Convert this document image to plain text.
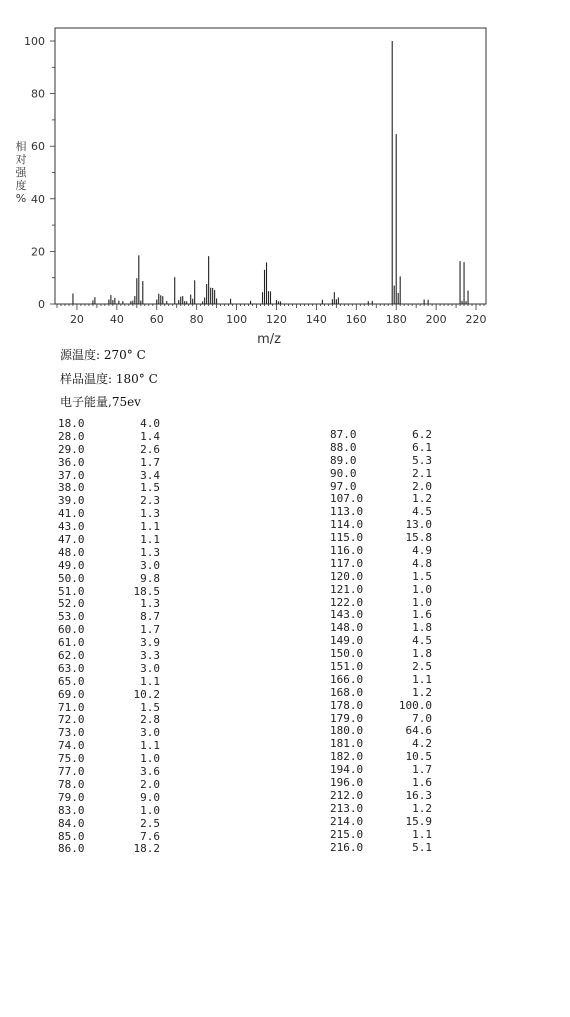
20 40 60 80 100 120 140 160 180 200 220
0
20
40
60
80
100
m/z
相
对
强
度
%
源温度: 270° C
样品温度: 180° C
电子能量,75ev
18.0	4.0
28.0	1.4
29.0	2.6
36.0	1.7
37.0	3.4
38.0	1.5
39.0	2.3
41.0	1.3
43.0	1.1
47.0	1.1
48.0	1.3
49.0	3.0
50.0	9.8
51.0	18.5
52.0	1.3
53.0	8.7
60.0	1.7
61.0	3.9
62.0	3.3
63.0	3.0
65.0	1.1
69.0	10.2
71.0	1.5
72.0	2.8
73.0	3.0
74.0	1.1
75.0	1.0
77.0	3.6
78.0	2.0
79.0	9.0
83.0	1.0
84.0	2.5
85.0	7.6
86.0	18.2
87.0	6.2
88.0	6.1
89.0	5.3
90.0	2.1
97.0	2.0
107.0	1.2
113.0	4.5
114.0	13.0
115.0	15.8
116.0	4.9
117.0	4.8
120.0	1.5
121.0	1.0
122.0	1.0
143.0	1.6
148.0	1.8
149.0	4.5
150.0	1.8
151.0	2.5
166.0	1.1
168.0	1.2
178.0	100.0
179.0	7.0
180.0	64.6
181.0	4.2
182.0	10.5
194.0	1.7
196.0	1.6
212.0	16.3
213.0	1.2
214.0	15.9
215.0	1.1
216.0	5.1
